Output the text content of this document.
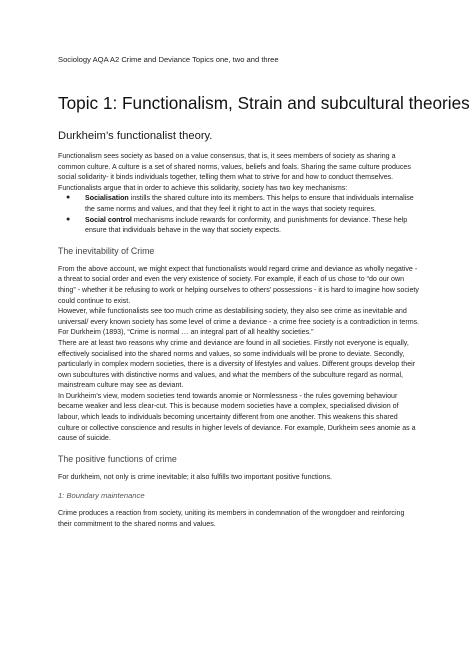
Sociology AQA A2 Crime and Deviance Topics one, two and three
Topic 1: Functionalism, Strain and subcultural theories
Durkheim’s functionalist theory.

Functionalism sees society as based on a value consensus, that is, it sees members of society as sharing a common culture. A culture is a set of shared norms, values, beliefs and foals. Sharing the same culture produces social solidarity- it binds individuals together, telling them what to strive for and how to conduct themselves.

Functionalists argue that in order to achieve this solidarity, society has two key mechanisms:

● Socialisation instills the shared culture into its members. This helps to ensure that individuals internalise the same norms and values, and that they feel it right to act in the ways that society requires.
● Social control mechanisms include rewards for conformity, and punishments for deviance. These help ensure that individuals behave in the way that society expects.
The inevitability of Crime

From the above account, we might expect that functionalists would regard crime and deviance as wholly negative - a threat to social order and even the very existence of society. For example, if each of us chose to “do our own thing” - whether it be refusing to work or helping ourselves to others’ possessions - it is hard to imagine how society could continue to exist.

However, while functionalists see too much crime as destabilising society, they also see crime as inevitable and universal/ every known society has some level of crime a deviance - a crime free society is a contradiction in terms. For Durkheim (1893), “Crime is normal … an integral part of all healthy societies.”

There are at least two reasons why crime and deviance are found in all societies. Firstly not everyone is equally, effectively socialised into the shared norms and values, so some individuals will be prone to deviate. Secondly, particularly in complex modern societies, there is a diversity of lifestyles and values. Different groups develop their own subcultures with distinctive norms and values, and what the members of the subculture regard as normal, mainstream culture may see as deviant.

In Durkheim’s view, modern societies tend towards anomie or Normlessness - the rules governing behaviour became weaker and less clear-cut. This is because modern societies have a complex, specialised division of labour, which leads to individuals becoming uncertainty different from one another. This weakens this shared culture or collective conscience and results in higher levels of deviance. For example, Durkheim sees anomie as a cause of suicide.

The positive functions of crime

For durkheim, not only is crime inevitable; it also fulfills two important positive functions.

1: Boundary maintenance

Crime produces a reaction from society, uniting its members in condemnation of the wrongdoer and reinforcing their commitment to the shared norms and values.
